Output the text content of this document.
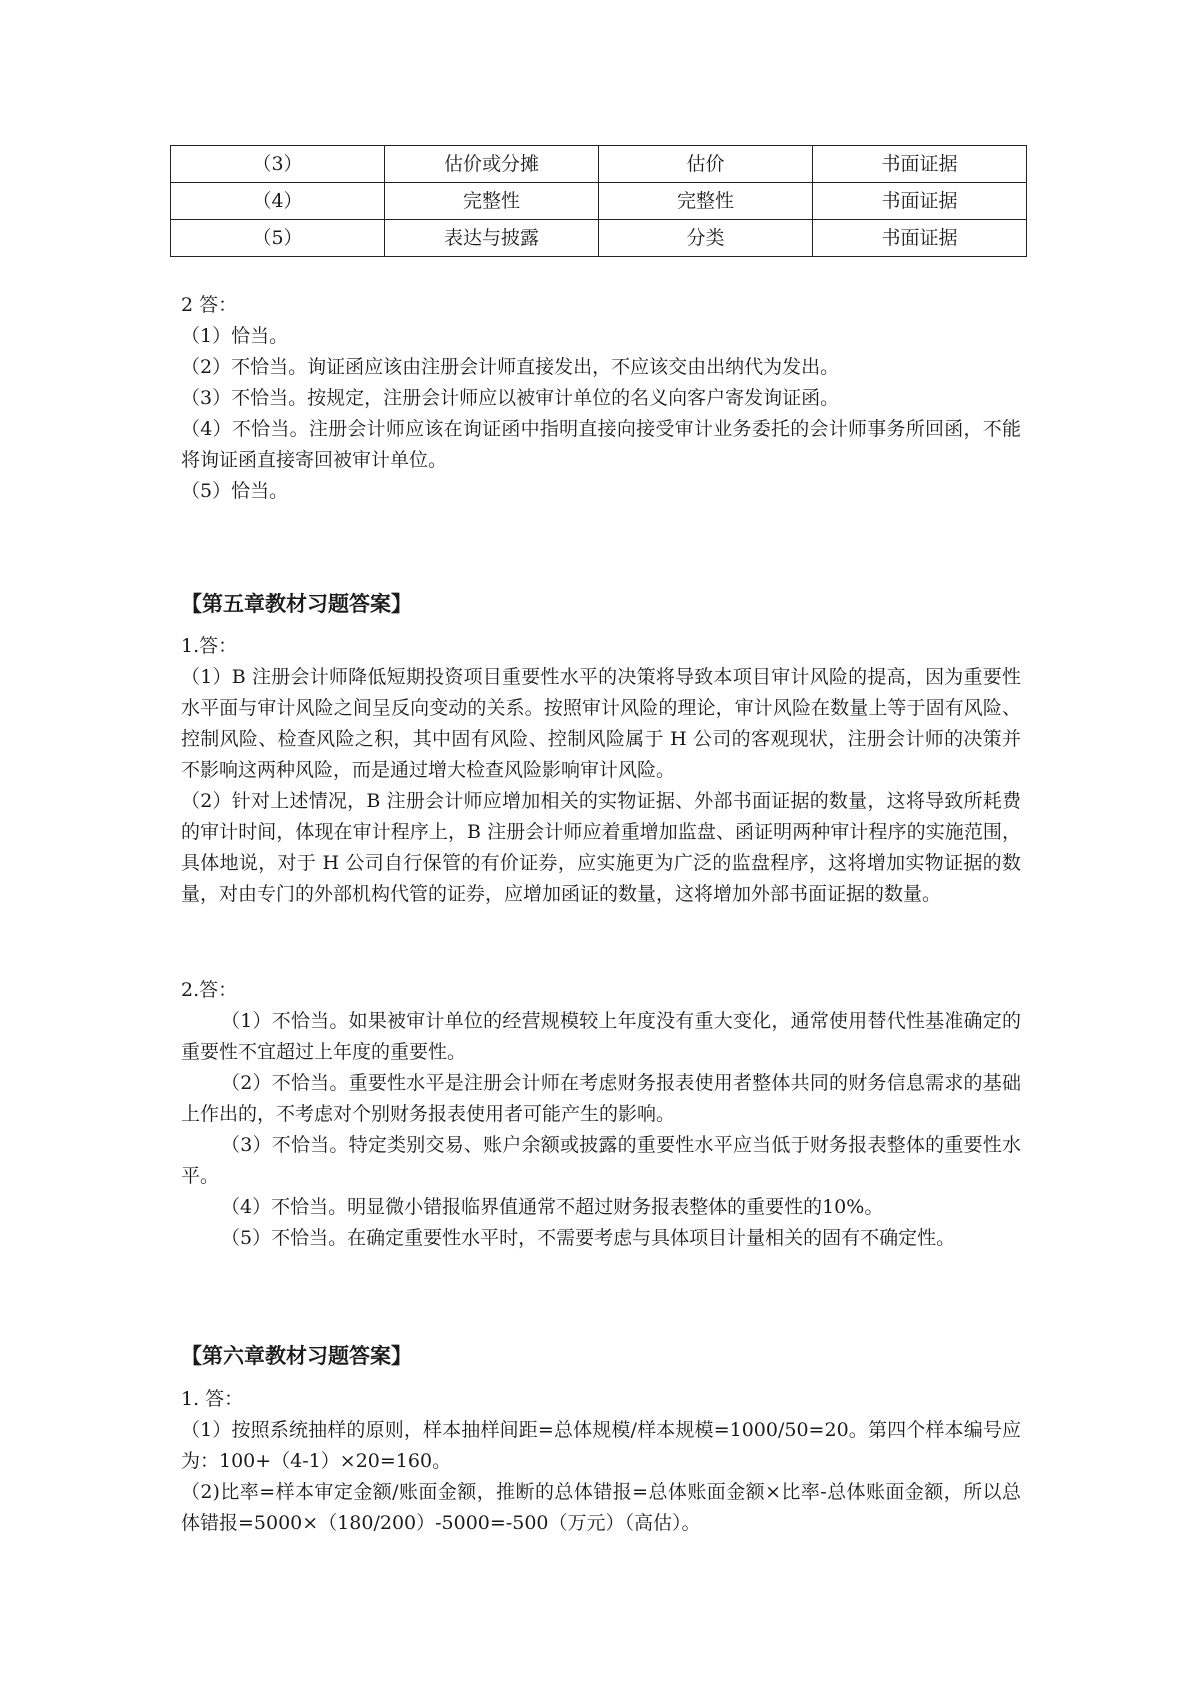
（3）	估价或分摊	估价	书面证据
（4）	完整性	完整性	书面证据
（5）	表达与披露	分类	书面证据
2 答：
（1）恰当。
（2）不恰当。询证函应该由注册会计师直接发出，不应该交由出纳代为发出。
（3）不恰当。按规定，注册会计师应以被审计单位的名义向客户寄发询证函。
（4）不恰当。注册会计师应该在询证函中指明直接向接受审计业务委托的会计师事务所回函，不能将询证函直接寄回被审计单位。
（5）恰当。
【第五章教材习题答案】
1.答：
（1）B 注册会计师降低短期投资项目重要性水平的决策将导致本项目审计风险的提高，因为重要性水平面与审计风险之间呈反向变动的关系。按照审计风险的理论，审计风险在数量上等于固有风险、控制风险、检查风险之积，其中固有风险、控制风险属于 H 公司的客观现状，注册会计师的决策并不影响这两种风险，而是通过增大检查风险影响审计风险。
（2）针对上述情况，B 注册会计师应增加相关的实物证据、外部书面证据的数量，这将导致所耗费的审计时间，体现在审计程序上，B 注册会计师应着重增加监盘、函证明两种审计程序的实施范围，具体地说，对于 H 公司自行保管的有价证券，应实施更为广泛的监盘程序，这将增加实物证据的数量，对由专门的外部机构代管的证券，应增加函证的数量，这将增加外部书面证据的数量。
2.答：
（1）不恰当。如果被审计单位的经营规模较上年度没有重大变化，通常使用替代性基准确定的重要性不宜超过上年度的重要性。
（2）不恰当。重要性水平是注册会计师在考虑财务报表使用者整体共同的财务信息需求的基础上作出的，不考虑对个别财务报表使用者可能产生的影响。
（3）不恰当。特定类别交易、账户余额或披露的重要性水平应当低于财务报表整体的重要性水平。
（4）不恰当。明显微小错报临界值通常不超过财务报表整体的重要性的10%。
（5）不恰当。在确定重要性水平时，不需要考虑与具体项目计量相关的固有不确定性。
【第六章教材习题答案】
1. 答：
（1）按照系统抽样的原则，样本抽样间距=总体规模/样本规模=1000/50=20。第四个样本编号应为：100+（4-1）×20=160。
（2)比率=样本审定金额/账面金额，推断的总体错报=总体账面金额×比率-总体账面金额，所以总体错报=5000×（180/200）-5000=-500（万元）（高估）。
